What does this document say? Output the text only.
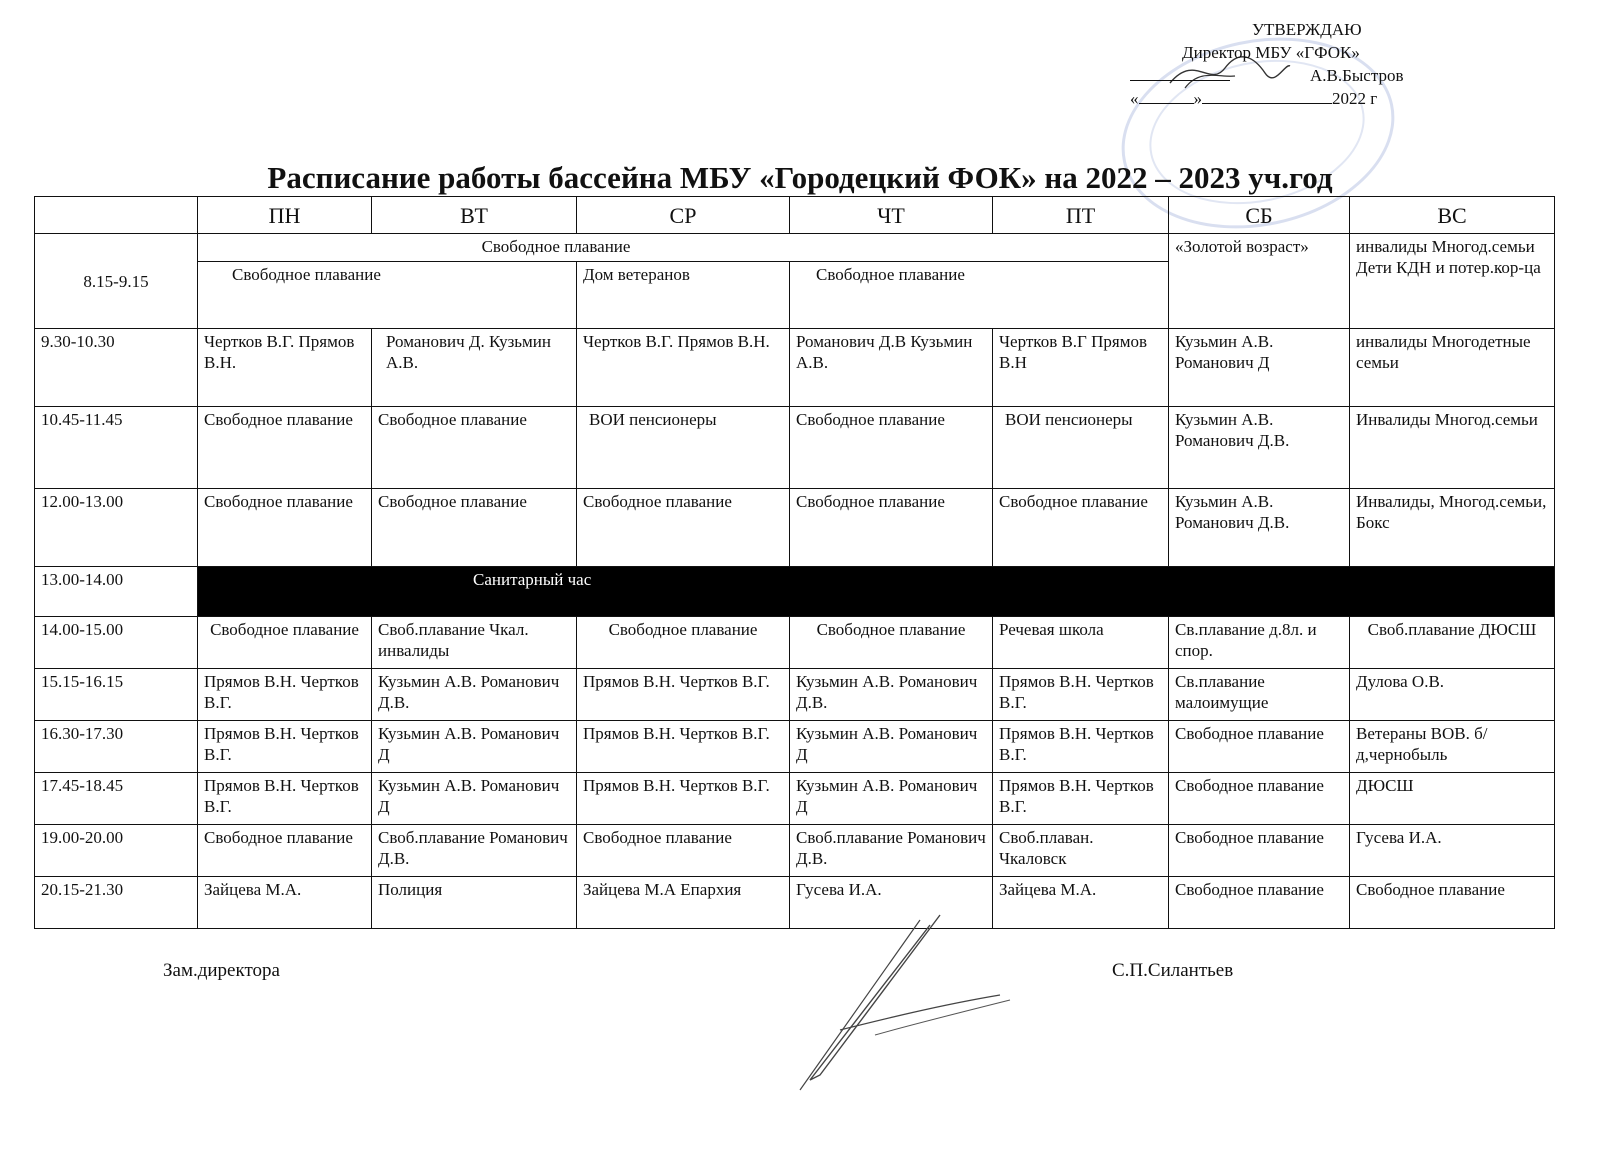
УТВЕРЖДАЮ
Директор МБУ «ГФОК»
А.В.Быстров
«	»	2022 г
Расписание работы бассейна МБУ «Городецкий ФОК» на 2022 – 2023 уч.год
	ПН	ВТ	СР	ЧТ	ПТ	СБ	ВС
8.15-9.15	Свободное плавание					«Золотой возраст»	инвалиды Многод.семьи Дети КДН и потер.кор-ца
	Свободное плавание		Дом ветеранов	Свободное плавание			
9.30-10.30	Чертков В.Г. Прямов В.Н.	Романович Д. Кузьмин А.В.	Чертков В.Г. Прямов В.Н.	Романович Д.В Кузьмин А.В.	Чертков В.Г Прямов В.Н	Кузьмин А.В. Романович Д	инвалиды Многодетные семьи
10.45-11.45	Свободное плавание	Свободное плавание	ВОИ пенсионеры	Свободное плавание	ВОИ пенсионеры	Кузьмин А.В. Романович Д.В.	Инвалиды Многод.семьи
12.00-13.00	Свободное плавание	Свободное плавание	Свободное плавание	Свободное плавание	Свободное плавание	Кузьмин А.В. Романович Д.В.	Инвалиды, Многод.семьи, Бокс
13.00-14.00	Санитарный час						
14.00-15.00	Свободное плавание	Своб.плавание Чкал. инвалиды	Свободное плавание	Свободное плавание	Речевая школа	Св.плавание д.8л. и спор.	Своб.плавание ДЮСШ
15.15-16.15	Прямов В.Н. Чертков В.Г.	Кузьмин А.В. Романович Д.В.	Прямов В.Н. Чертков В.Г.	Кузьмин А.В. Романович Д.В.	Прямов В.Н. Чертков В.Г.	Св.плавание малоимущие	Дулова О.В.
16.30-17.30	Прямов В.Н. Чертков В.Г.	Кузьмин А.В. Романович Д	Прямов В.Н. Чертков В.Г.	Кузьмин А.В. Романович Д	Прямов В.Н. Чертков В.Г.	Свободное плавание	Ветераны ВОВ. б/д,чернобыль
17.45-18.45	Прямов В.Н. Чертков В.Г.	Кузьмин А.В. Романович Д	Прямов В.Н. Чертков В.Г.	Кузьмин А.В. Романович Д	Прямов В.Н. Чертков В.Г.	Свободное плавание	ДЮСШ
19.00-20.00	Свободное плавание	Своб.плавание Романович Д.В.	Свободное плавание	Своб.плавание Романович Д.В.	Своб.плаван. Чкаловск	Свободное плавание	Гусева И.А.
20.15-21.30	Зайцева М.А.	Полиция	Зайцева М.А Епархия	Гусева И.А.	Зайцева М.А.	Свободное плавание	Свободное плавание
Зам.директора	С.П.Силантьев
